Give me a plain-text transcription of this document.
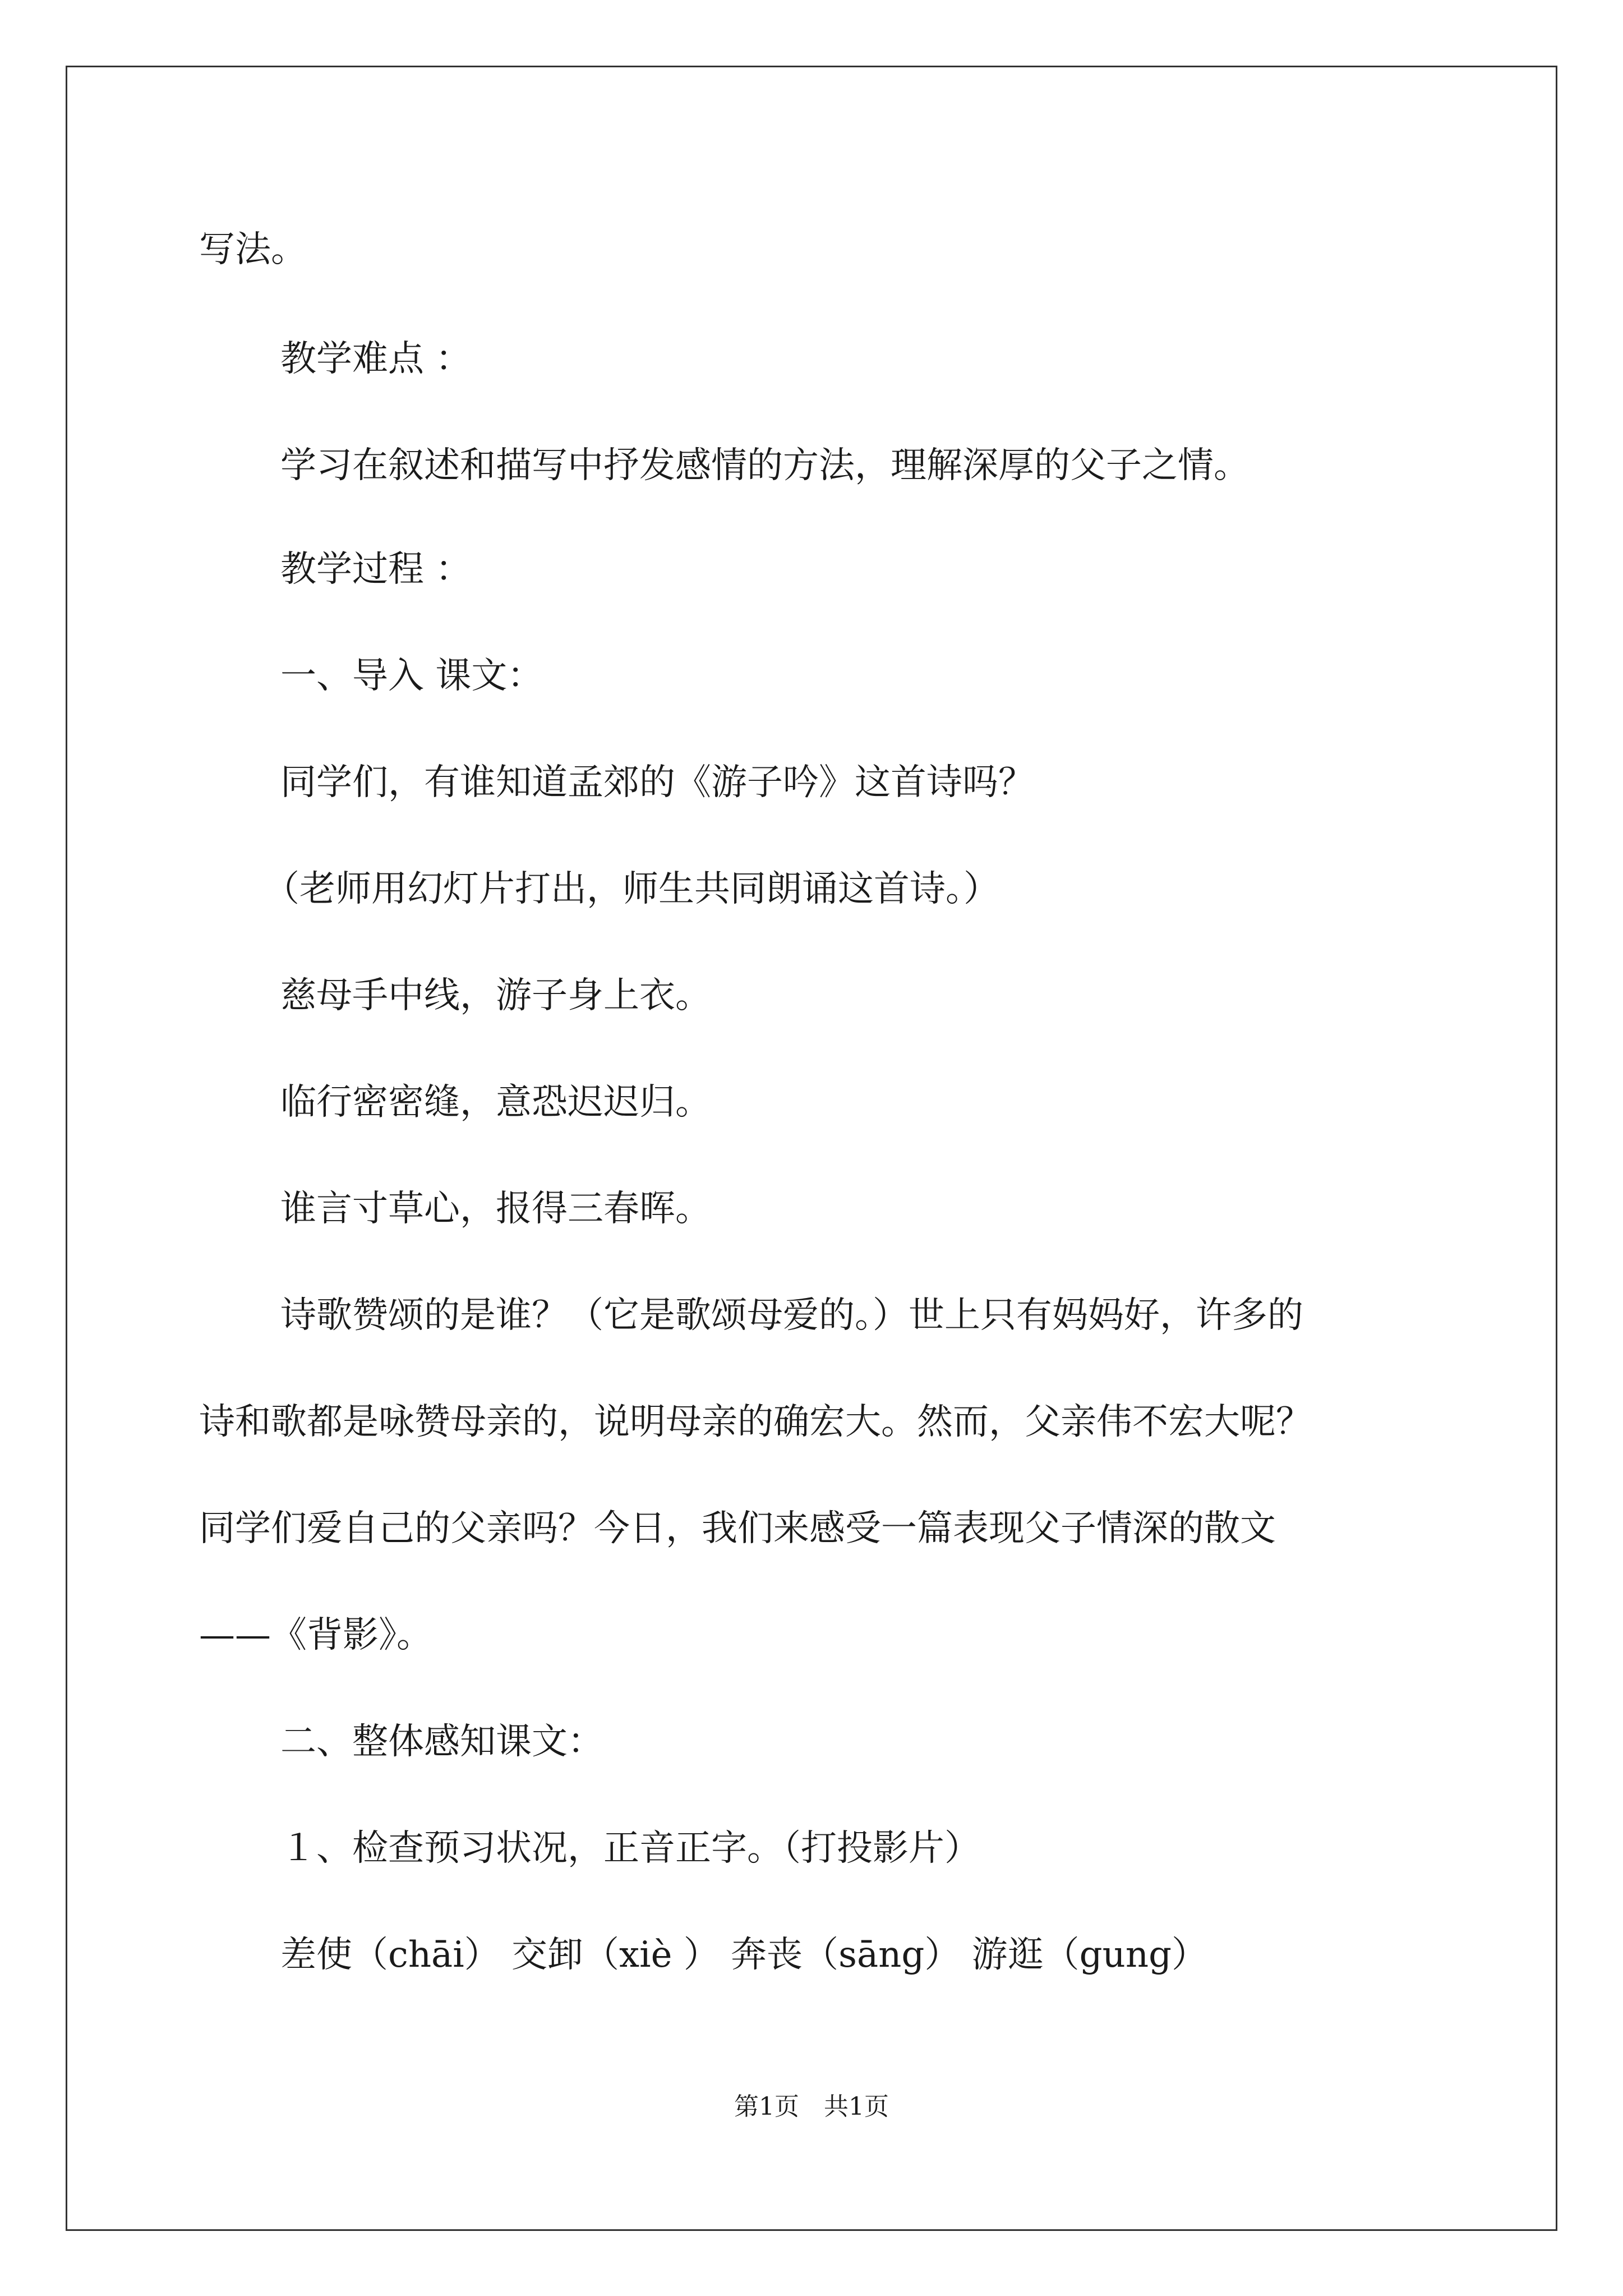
写法。
教学难点 ：
学习在叙述和描写中抒发感情的方法，理解深厚的父子之情。
教学过程 ：
一、导入 课文：
同学们，有谁知道孟郊的《游子吟》这首诗吗？
（老师用幻灯片打出，师生共同朗诵这首诗。）
慈母手中线，游子身上衣。
临行密密缝，意恐迟迟归。
谁言寸草心，报得三春晖。
诗歌赞颂的是谁？（它是歌颂母爱的。）世上只有妈妈好，许多的
诗和歌都是咏赞母亲的，说明母亲的确宏大。然而，父亲伟不宏大呢？
同学们爱自己的父亲吗？今日，我们来感受一篇表现父子情深的散文
——《背影》。
二、整体感知课文：
１、检查预习状况，正音正字。（打投影片）
差使（chāi） 交卸（xiè ） 奔丧（sāng） 游逛（gung）
第1页　共1页
